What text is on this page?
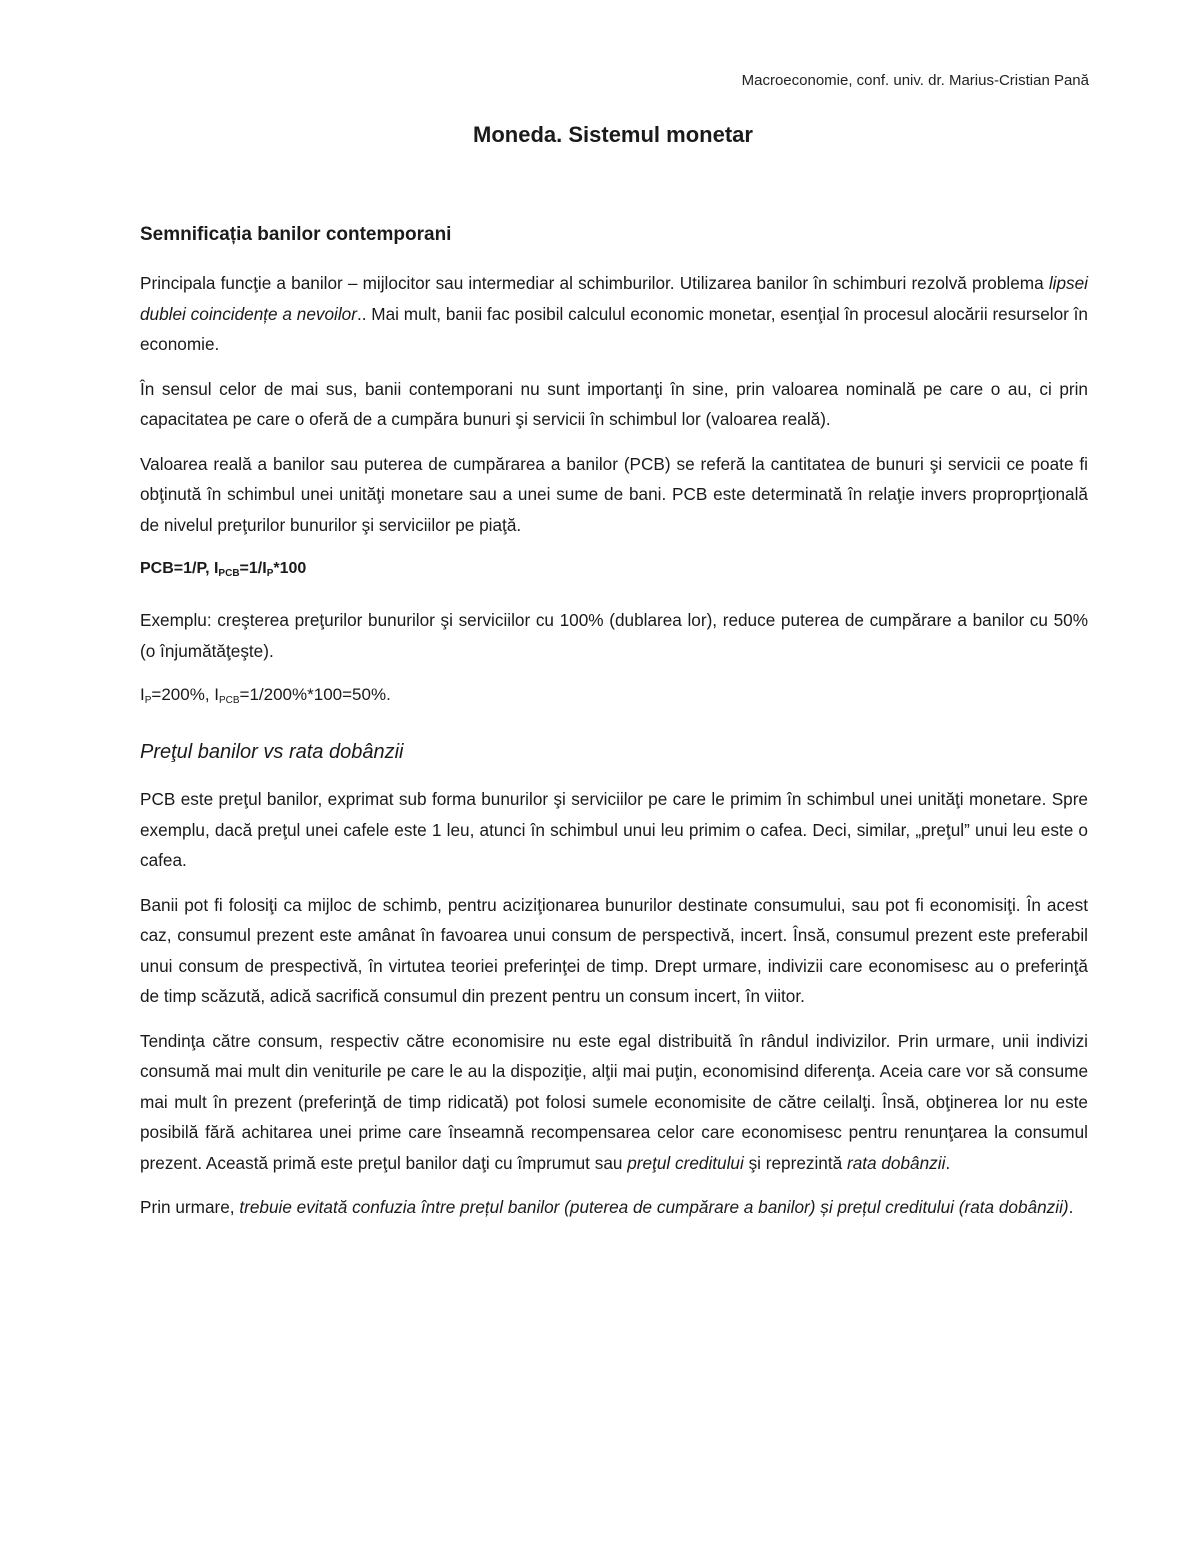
Macroeconomie, conf. univ. dr. Marius-Cristian Pană
Moneda. Sistemul monetar
Semnificația banilor contemporani

Principala funcţie a banilor – mijlocitor sau intermediar al schimburilor. Utilizarea banilor în schimburi rezolvă problema lipsei dublei coincidențe a nevoilor.. Mai mult, banii fac posibil calculul economic monetar, esenţial în procesul alocării resurselor în economie.

În sensul celor de mai sus, banii contemporani nu sunt importanţi în sine, prin valoarea nominală pe care o au, ci prin capacitatea pe care o oferă de a cumpăra bunuri şi servicii în schimbul lor (valoarea reală).

Valoarea reală a banilor sau puterea de cumpărarea a banilor (PCB) se referă la cantitatea de bunuri şi servicii ce poate fi obţinută în schimbul unei unităţi monetare sau a unei sume de bani. PCB este determinată în relaţie invers proproprţională de nivelul preţurilor bunurilor şi serviciilor pe piaţă.

PCB=1/P, $I_{PCB}=1/I_P*100$

Exemplu: creşterea preţurilor bunurilor şi serviciilor cu 100% (dublarea lor), reduce puterea de cumpărare a banilor cu 50% (o înjumătăţeşte).

$I_P=200\%$, $I_{PCB}=1/200\%*100=50\%$.

Preţul banilor vs rata dobânzii

PCB este preţul banilor, exprimat sub forma bunurilor şi serviciilor pe care le primim în schimbul unei unităţi monetare. Spre exemplu, dacă preţul unei cafele este 1 leu, atunci în schimbul unui leu primim o cafea. Deci, similar, „preţul” unui leu este o cafea.

Banii pot fi folosiţi ca mijloc de schimb, pentru aciziţionarea bunurilor destinate consumului, sau pot fi economisiţi. În acest caz, consumul prezent este amânat în favoarea unui consum de perspectivă, incert. Însă, consumul prezent este preferabil unui consum de prespectivă, în virtutea teoriei preferinţei de timp. Drept urmare, indivizii care economisesc au o preferinţă de timp scăzută, adică sacrifică consumul din prezent pentru un consum incert, în viitor.

Tendinţa către consum, respectiv către economisire nu este egal distribuită în rândul indivizilor. Prin urmare, unii indivizi consumă mai mult din veniturile pe care le au la dispoziţie, alţii mai puţin, economisind diferenţa. Aceia care vor să consume mai mult în prezent (preferinţă de timp ridicată) pot folosi sumele economisite de către ceilalţi. Însă, obţinerea lor nu este posibilă fără achitarea unei prime care înseamnă recompensarea celor care economisesc pentru renunţarea la consumul prezent. Această primă este preţul banilor daţi cu împrumut sau preţul creditului şi reprezintă rata dobânzii.

Prin urmare, trebuie evitată confuzia între prețul banilor (puterea de cumpărare a banilor) și prețul creditului (rata dobânzii).
